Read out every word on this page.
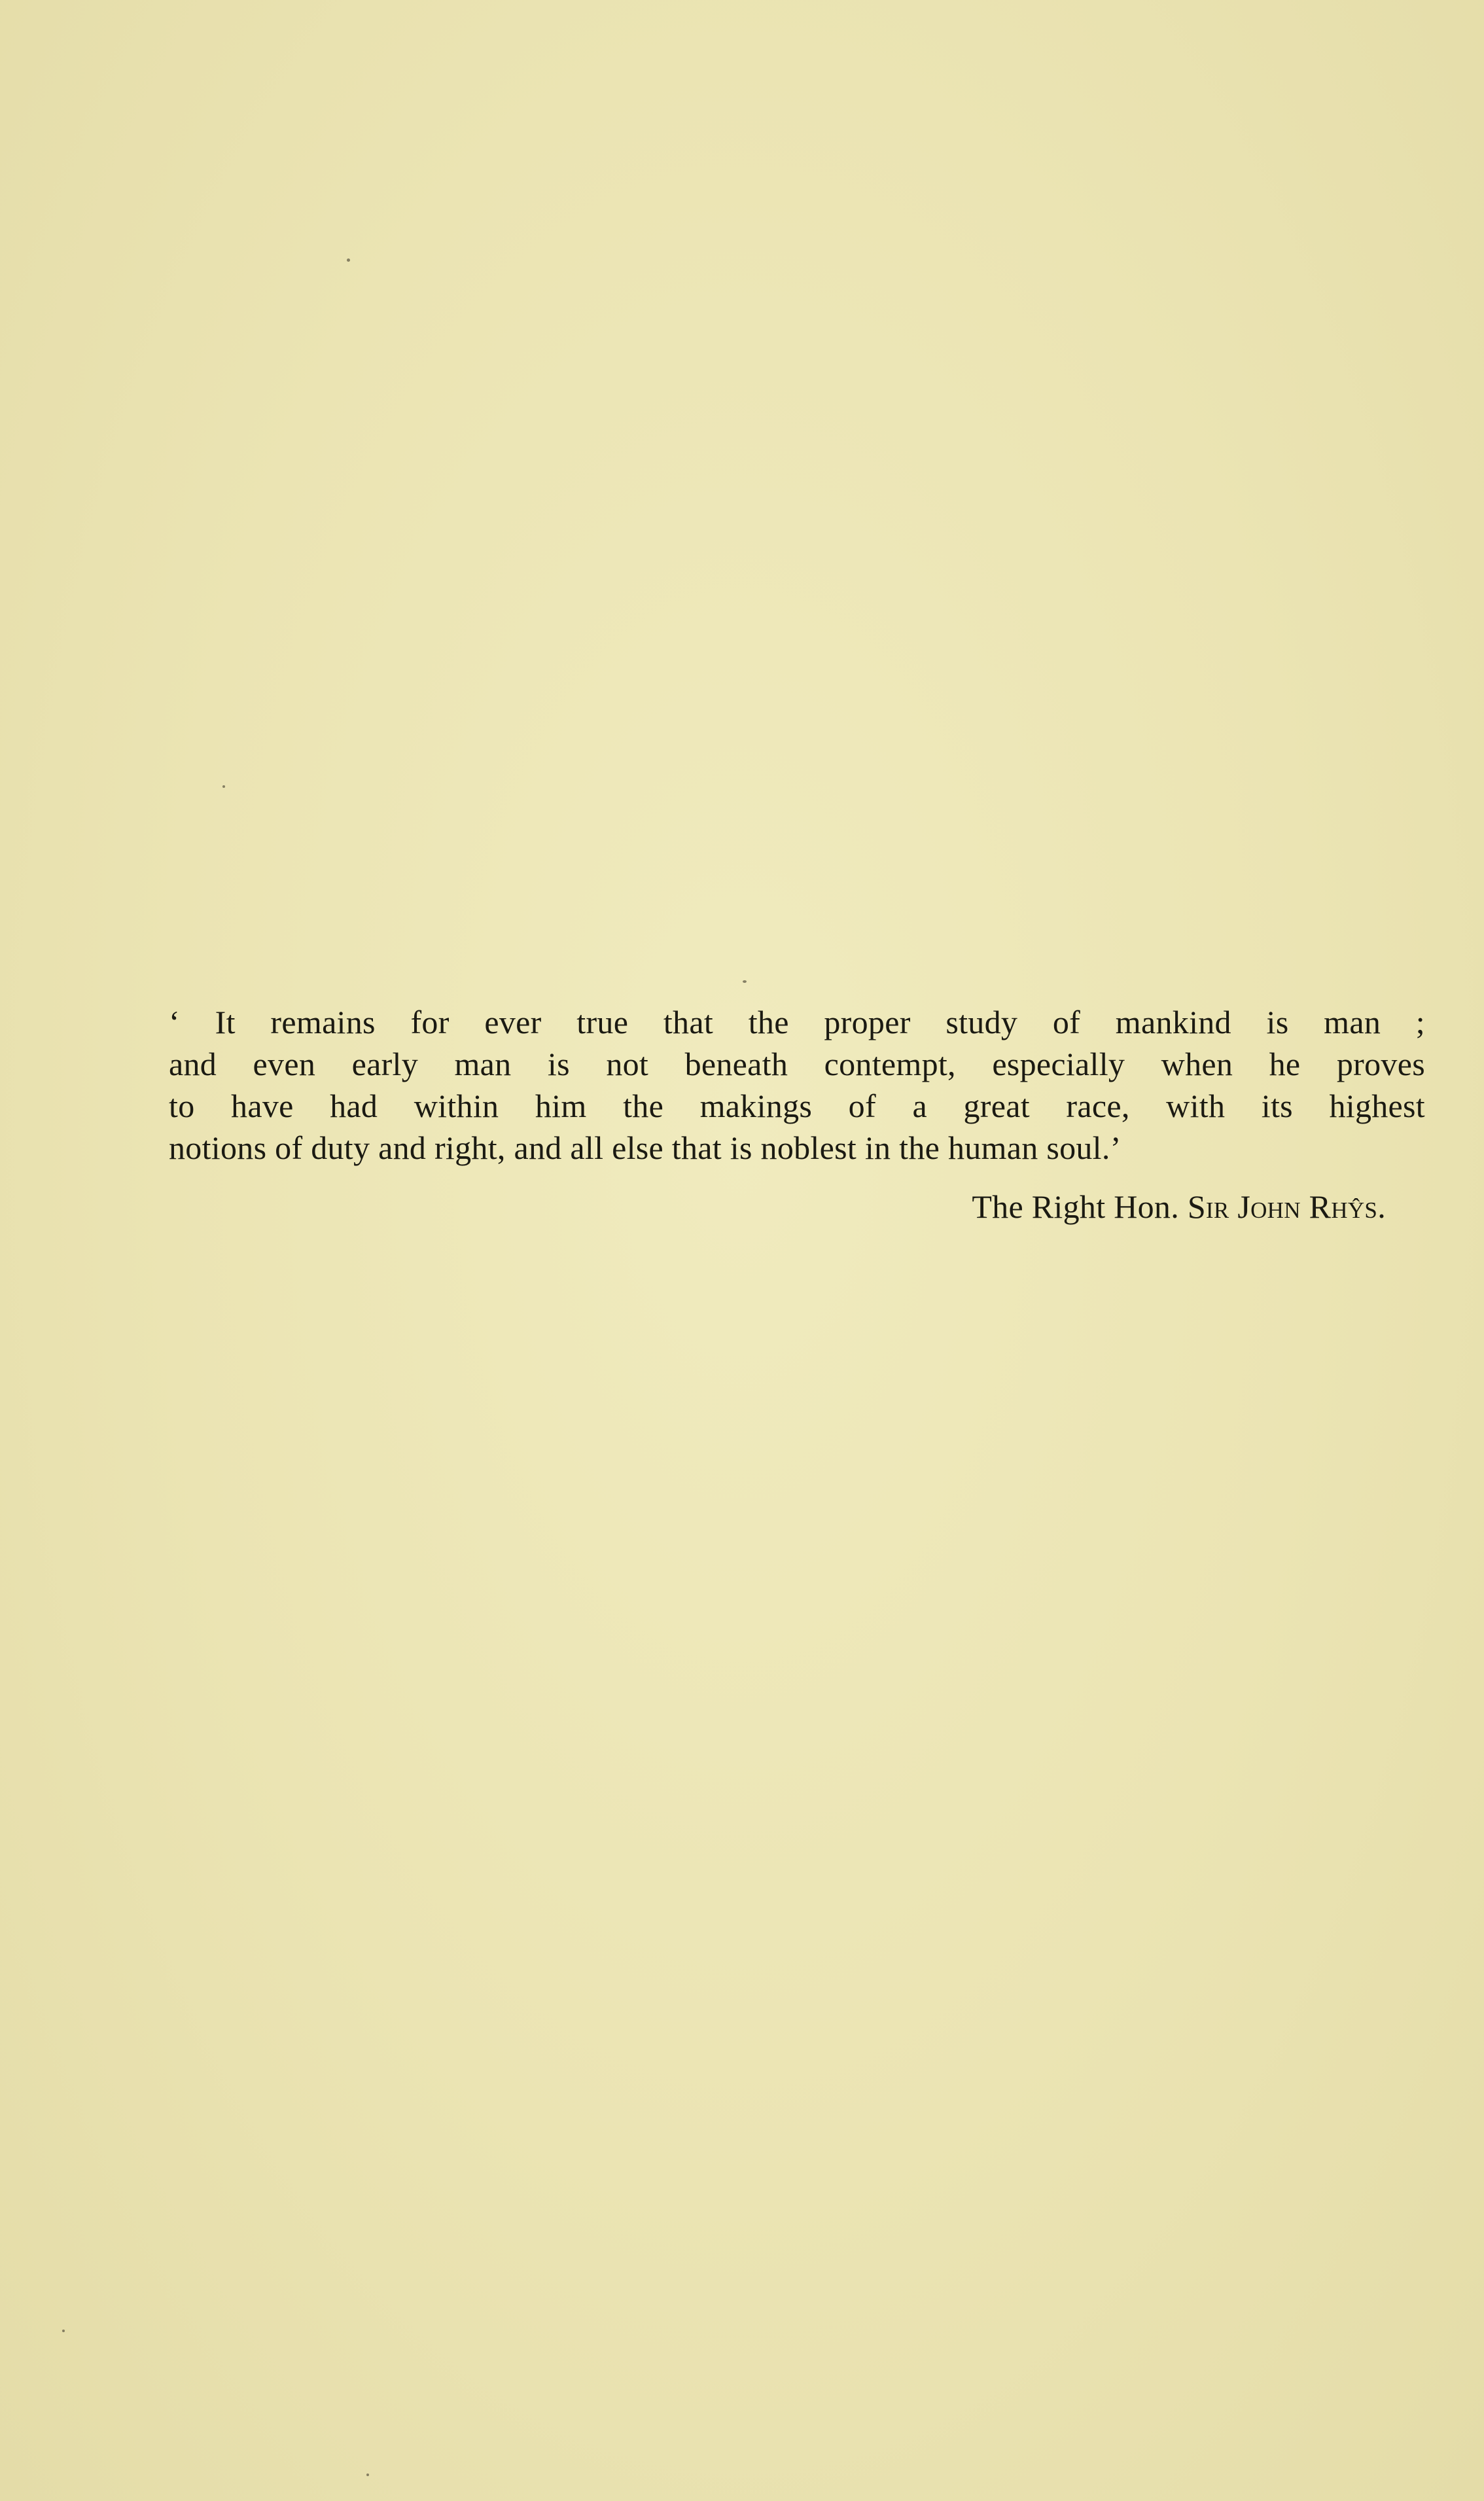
‘ It remains for ever true that the proper study of mankind is man ;
and even early man is not beneath contempt, especially when he proves
to have had within him the makings of a great race, with its highest
notions of duty and right, and all else that is noblest in the human soul.’
The Right Hon. Sir John Rhŷs.
